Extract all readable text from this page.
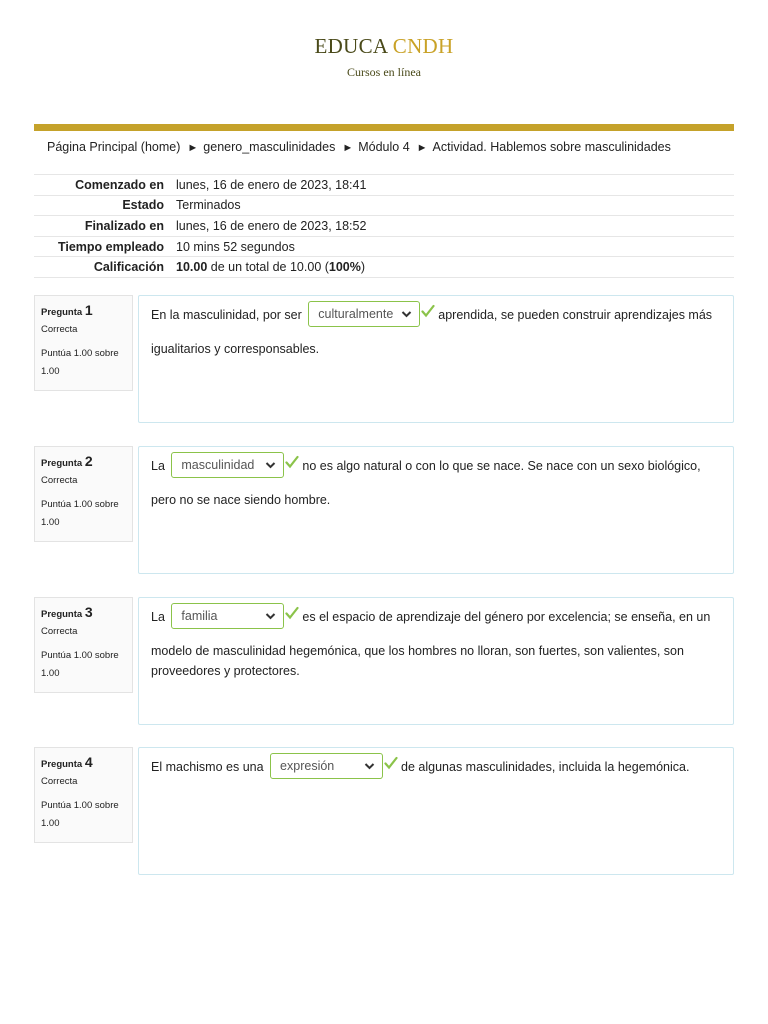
EDUCA CNDH
Cursos en línea
Página Principal (home) ► genero_masculinidades ► Módulo 4 ► Actividad. Hablemos sobre masculinidades
Comenzado en	lunes, 16 de enero de 2023, 18:41
Estado	Terminados
Finalizado en	lunes, 16 de enero de 2023, 18:52
Tiempo empleado	10 mins 52 segundos
Calificación	10.00 de un total de 10.00 (100%)
Pregunta 1
Correcta
Puntúa 1.00 sobre 1.00
En la masculinidad, por ser culturalmente	aprendida, se pueden construir aprendizajes más
igualitarios y corresponsables.
Pregunta 2
Correcta
Puntúa 1.00 sobre 1.00
La masculinidad	no es algo natural o con lo que se nace. Se nace con un sexo biológico,
pero no se nace siendo hombre.
Pregunta 3
Correcta
Puntúa 1.00 sobre 1.00
La familia	es el espacio de aprendizaje del género por excelencia; se enseña, en un
modelo de masculinidad hegemónica, que los hombres no lloran, son fuertes, son valientes, son proveedores y protectores.
Pregunta 4
Correcta
Puntúa 1.00 sobre 1.00
El machismo es una expresión	de algunas masculinidades, incluida la hegemónica.
